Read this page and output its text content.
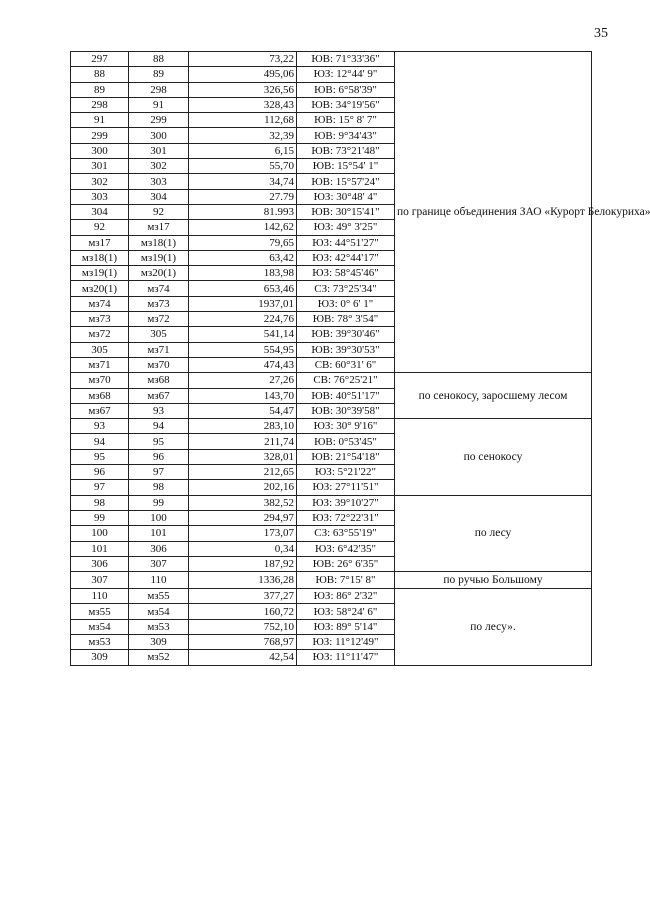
35
297	88	73,22	ЮВ: 71°33'36"	по границе объединения ЗАО «Курорт Белокуриха»
88	89	495,06	ЮЗ: 12°44' 9"	
89	298	326,56	ЮВ: 6°58'39"	
298	91	328,43	ЮВ: 34°19'56"	
91	299	112,68	ЮВ: 15° 8' 7"	
299	300	32,39	ЮВ: 9°34'43"	
300	301	6,15	ЮВ: 73°21'48"	
301	302	55,70	ЮВ: 15°54' 1"	
302	303	34,74	ЮВ: 15°57'24"	
303	304	27.79	ЮЗ: 30°48' 4"	
304	92	81.993	ЮВ: 30°15'41"	
92	мз17	142,62	ЮЗ: 49° 3'25"	
мз17	мз18(1)	79,65	ЮЗ: 44°51'27"	
мз18(1)	мз19(1)	63,42	ЮЗ: 42°44'17"	
мз19(1)	мз20(1)	183,98	ЮЗ: 58°45'46"	
мз20(1)	мз74	653,46	СЗ: 73°25'34"	
мз74	мз73	1937,01	ЮЗ: 0° 6' 1"	
мз73	мз72	224,76	ЮВ: 78° 3'54"	
мз72	305	541,14	ЮВ: 39°30'46"	
305	мз71	554,95	ЮВ: 39°30'53"	
мз71	мз70	474,43	СВ: 60°31' 6"	
мз70	мз68	27,26	СВ: 76°25'21"	по сенокосу, заросшему лесом
мз68	мз67	143,70	ЮВ: 40°51'17"	
мз67	93	54,47	ЮВ: 30°39'58"	
93	94	283,10	ЮЗ: 30° 9'16"	по сенокосу
94	95	211,74	ЮВ: 0°53'45"	
95	96	328,01	ЮВ: 21°54'18"	
96	97	212,65	ЮЗ: 5°21'22"	
97	98	202,16	ЮЗ: 27°11'51"	
98	99	382,52	ЮЗ: 39°10'27"	по лесу
99	100	294,97	ЮЗ: 72°22'31"	
100	101	173,07	СЗ: 63°55'19"	
101	306	0,34	ЮЗ: 6°42'35"	
306	307	187,92	ЮВ: 26° 6'35"	
307	110	1336,28	ЮВ: 7°15' 8"	по ручью Большому
110	мз55	377,27	ЮЗ: 86° 2'32"	по лесу».
мз55	мз54	160,72	ЮЗ: 58°24' 6"	
мз54	мз53	752,10	ЮЗ: 89° 5'14"	
мз53	309	768,97	ЮЗ: 11°12'49"	
309	мз52	42,54	ЮЗ: 11°11'47"	
